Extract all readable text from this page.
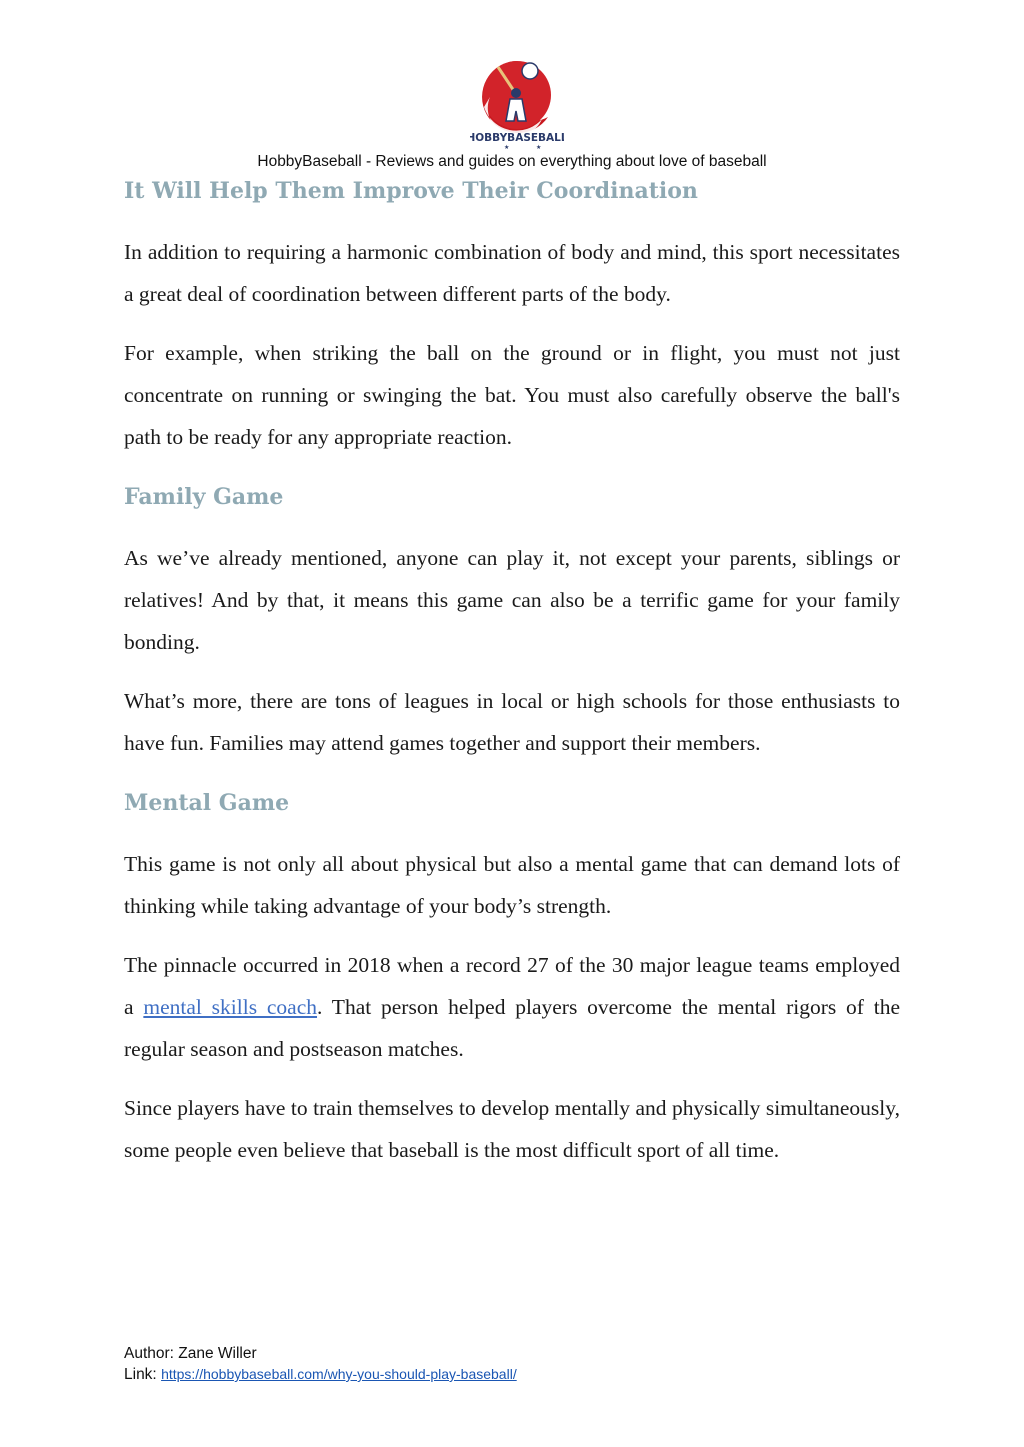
HOBBYBASEBALL
★	★
HobbyBaseball - Reviews and guides on everything about love of baseball
It Will Help Them Improve Their Coordination

In addition to requiring a harmonic combination of body and mind, this sport necessitates a great deal of coordination between different parts of the body.

For example, when striking the ball on the ground or in flight, you must not just concentrate on running or swinging the bat. You must also carefully observe the ball's path to be ready for any appropriate reaction.

Family Game

As we’ve already mentioned, anyone can play it, not except your parents, siblings or relatives! And by that, it means this game can also be a terrific game for your family bonding.

What’s more, there are tons of leagues in local or high schools for those enthusiasts to have fun. Families may attend games together and support their members.

Mental Game

This game is not only all about physical but also a mental game that can demand lots of thinking while taking advantage of your body’s strength.

The pinnacle occurred in 2018 when a record 27 of the 30 major league teams employed a mental skills coach. That person helped players overcome the mental rigors of the regular season and postseason matches.

Since players have to train themselves to develop mentally and physically simultaneously, some people even believe that baseball is the most difficult sport of all time.

Author: Zane Willer
Link: https://hobbybaseball.com/why-you-should-play-baseball/
